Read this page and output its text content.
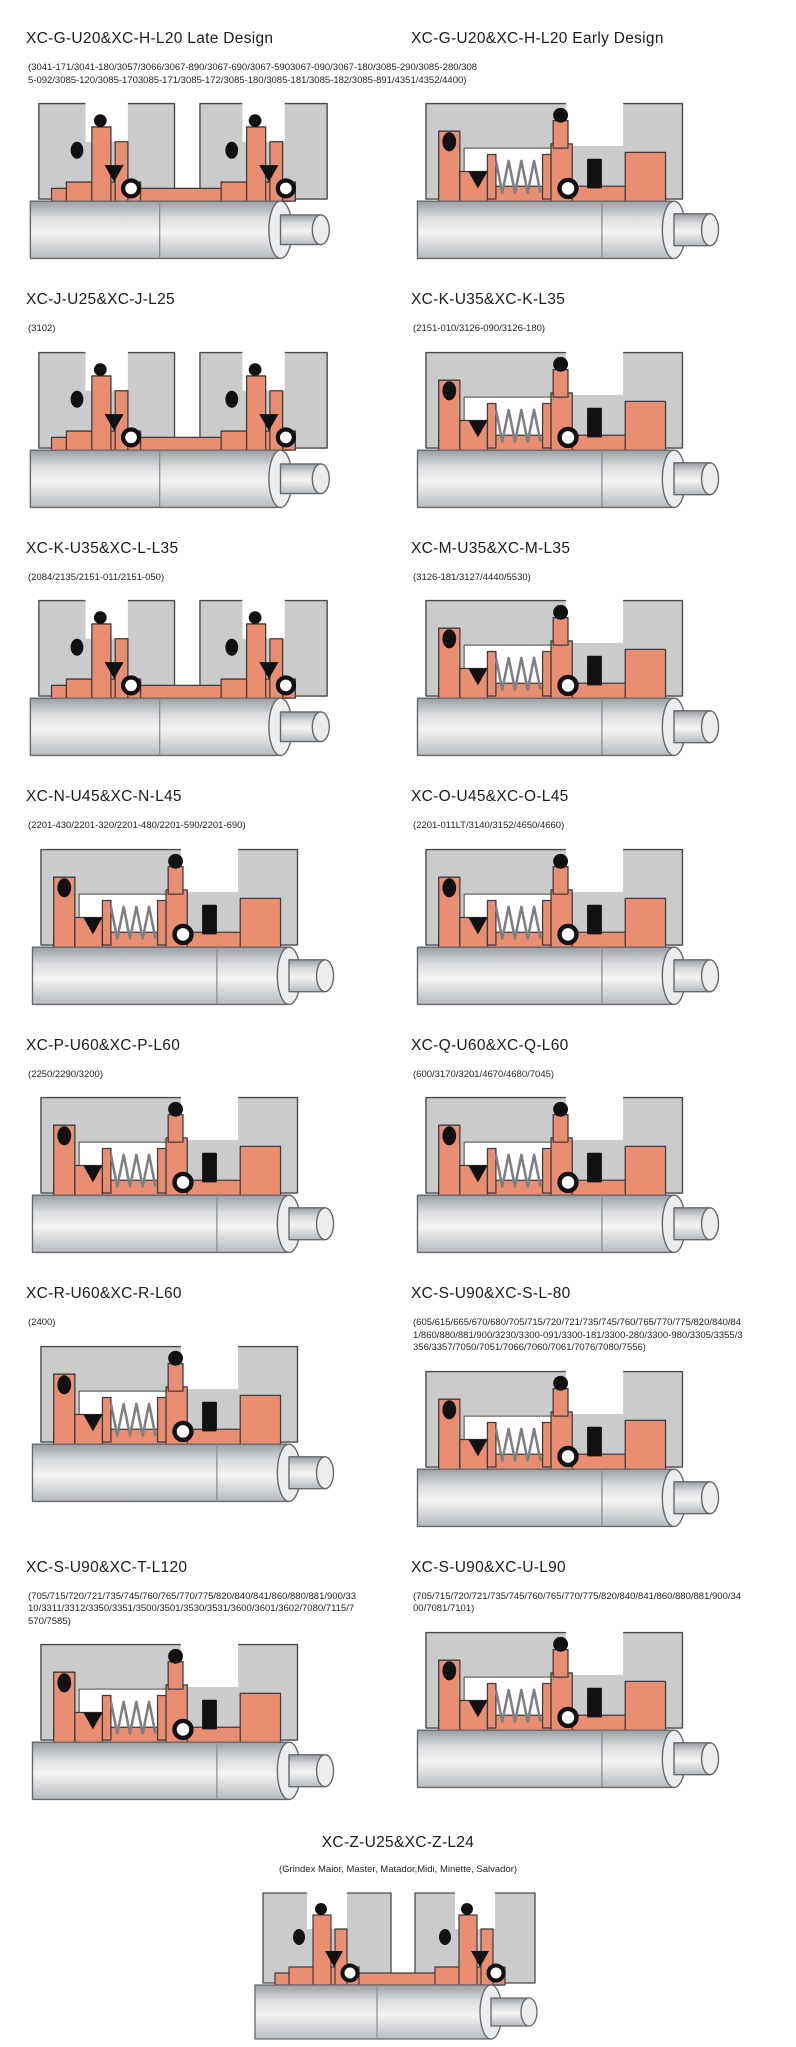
XC-G-U20&XC-H-L20 Late Design	XC-G-U20&XC-H-L20 Early Design
(3041-171/3041-180/3057/3066/3067-890/3067-690/3067-5903067-090/3067-180/3085-290/3085-280/3085-092/3085-120/3085-1703085-171/3085-172/3085-180/3085-181/3085-182/3085-891/4351/4352/4400)
XC-J-U25&XC-J-L25
(3102)
XC-K-U35&XC-K-L35
(2151-010/3126-090/3126-180)
XC-K-U35&XC-L-L35
(2084/2135/2151-011/2151-050)
XC-M-U35&XC-M-L35
(3126-181/3127/4440/5530)
XC-N-U45&XC-N-L45
(2201-430/2201-320/2201-480/2201-590/2201-690)
XC-O-U45&XC-O-L45
(2201-011LT/3140/3152/4650/4660)
XC-P-U60&XC-P-L60
(2250/2290/3200)
XC-Q-U60&XC-Q-L60
(600/3170/3201/4670/4680/7045)
XC-R-U60&XC-R-L60
(2400)
XC-S-U90&XC-S-L-80
(605/615/665/670/680/705/715/720/721/735/745/760/765/770/775/820/840/841/860/880/881/900/3230/3300-091/3300-181/3300-280/3300-980/3305/3355/3356/3357/7050/7051/7066/7060/7061/7076/7080/7556)
XC-S-U90&XC-T-L120
(705/715/720/721/735/745/760/765/770/775/820/840/841/860/880/881/900/3310/3311/3312/3350/3351/3500/3501/3530/3531/3600/3601/3602/7080/7115/7570/7585)
XC-S-U90&XC-U-L90
(705/715/720/721/735/745/760/765/770/775/820/840/841/860/880/881/900/3400/7081/7101)
XC-Z-U25&XC-Z-L24
(Grindex Maior, Master, Matador,Midi, Minette, Salvador)
